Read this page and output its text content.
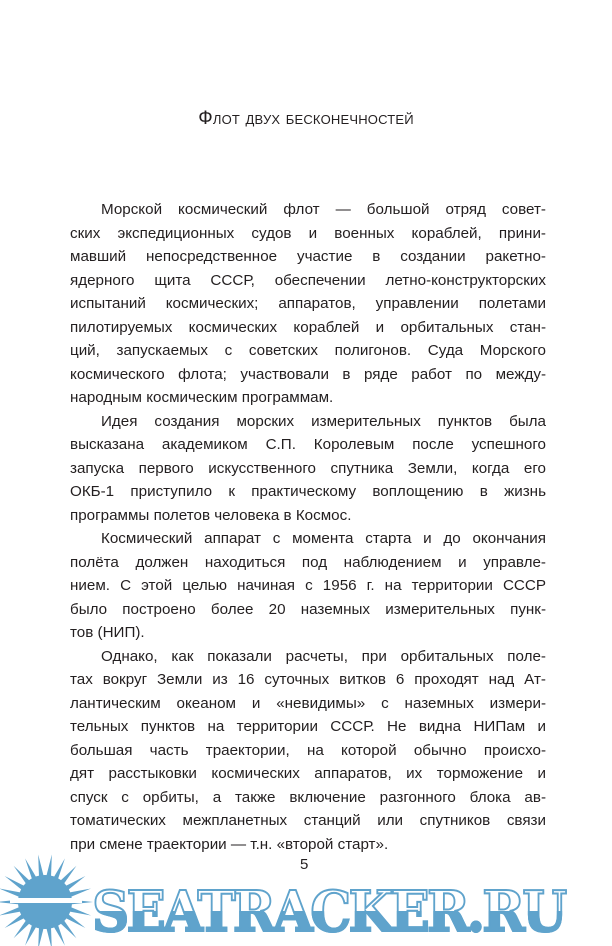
Флот двух бесконечностей
Морской космический флот — большой отряд совет-
ских экспедиционных судов и военных кораблей, прини-
мавший непосредственное участие в создании ракетно-
ядерного щита СССР, обеспечении летно-конструкторских
испытаний космических; аппаратов, управлении полетами
пилотируемых космических кораблей и орбитальных стан-
ций, запускаемых с советских полигонов. Суда Морского
космического флота; участвовали в ряде работ по между-
народным космическим программам.
Идея создания морских измерительных пунктов была
высказана академиком С.П. Королевым после успешного
запуска первого искусственного спутника Земли, когда его
ОКБ-1 приступило к практическому воплощению в жизнь
программы полетов человека в Космос.
Космический аппарат с момента старта и до окончания
полёта должен находиться под наблюдением и управле-
нием. С этой целью начиная с 1956 г. на территории СССР
было построено более 20 наземных измерительных пунк-
тов (НИП).
Однако, как показали расчеты, при орбитальных поле-
тах вокруг Земли из 16 суточных витков 6 проходят над Ат-
лантическим океаном и «невидимы» с наземных измери-
тельных пунктов на территории СССР. Не видна НИПам и
большая часть траектории, на которой обычно происхо-
дят расстыковки космических аппаратов, их торможение и
спуск с орбиты, а также включение разгонного блока ав-
томатических межпланетных станций или спутников связи
при смене траектории — т.н. «второй старт».
SEATRACKER.RU
5
